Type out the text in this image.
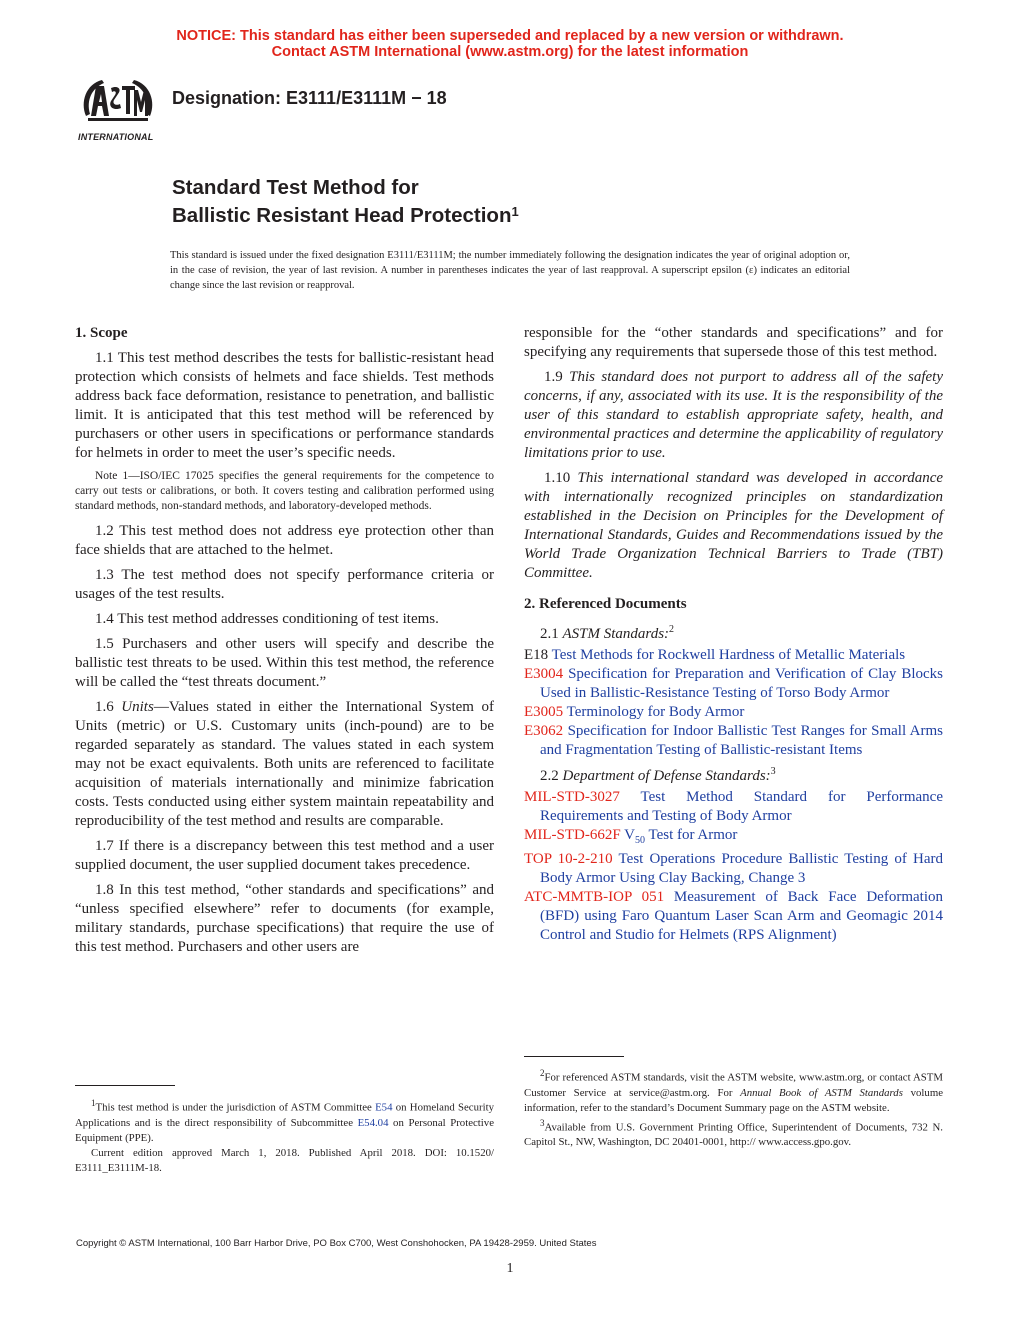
NOTICE: This standard has either been superseded and replaced by a new version or withdrawn.
Contact ASTM International (www.astm.org) for the latest information
INTERNATIONAL
Designation: E3111/E3111M − 18
Standard Test Method for
Ballistic Resistant Head Protection$^1$
This standard is issued under the fixed designation E3111/E3111M; the number immediately following the designation indicates the year of original adoption or, in the case of revision, the year of last revision. A number in parentheses indicates the year of last reapproval. A superscript epsilon (ε) indicates an editorial change since the last revision or reapproval.
1. Scope

1.1 This test method describes the tests for ballistic-resistant head protection which consists of helmets and face shields. Test methods address back face deformation, resistance to penetration, and ballistic limit. It is anticipated that this test method will be referenced by purchasers or other users in specifications or performance standards for helmets in order to meet the user’s specific needs.

Note 1—ISO/IEC 17025 specifies the general requirements for the competence to carry out tests or calibrations, or both. It covers testing and calibration performed using standard methods, non-standard methods, and laboratory-developed methods.

1.2 This test method does not address eye protection other than face shields that are attached to the helmet.

1.3 The test method does not specify performance criteria or usages of the test results.

1.4 This test method addresses conditioning of test items.

1.5 Purchasers and other users will specify and describe the ballistic test threats to be used. Within this test method, the reference will be called the “test threats document.”

1.6 Units—Values stated in either the International System of Units (metric) or U.S. Customary units (inch-pound) are to be regarded separately as standard. The values stated in each system may not be exact equivalents. Both units are referenced to facilitate acquisition of materials internationally and minimize fabrication costs. Tests conducted using either system maintain repeatability and reproducibility of the test method and results are comparable.

1.7 If there is a discrepancy between this test method and a user supplied document, the user supplied document takes precedence.

1.8 In this test method, “other standards and specifications” and “unless specified elsewhere” refer to documents (for example, military standards, purchase specifications) that require the use of this test method. Purchasers and other users are

$^1$This test method is under the jurisdiction of ASTM Committee E54 on Homeland Security Applications and is the direct responsibility of Subcommittee E54.04 on Personal Protective Equipment (PPE).

Current edition approved March 1, 2018. Published April 2018. DOI: 10.1520/ E3111_E3111M-18.

responsible for the “other standards and specifications” and for specifying any requirements that supersede those of this test method.

1.9 This standard does not purport to address all of the safety concerns, if any, associated with its use. It is the responsibility of the user of this standard to establish appropriate safety, health, and environmental practices and determine the applicability of regulatory limitations prior to use.

1.10 This international standard was developed in accordance with internationally recognized principles on standardization established in the Decision on Principles for the Development of International Standards, Guides and Recommendations issued by the World Trade Organization Technical Barriers to Trade (TBT) Committee.

2. Referenced Documents

2.1 ASTM Standards:$^2$

E18 Test Methods for Rockwell Hardness of Metallic Materials
E3004 Specification for Preparation and Verification of Clay Blocks Used in Ballistic-Resistance Testing of Torso Body Armor
E3005 Terminology for Body Armor
E3062 Specification for Indoor Ballistic Test Ranges for Small Arms and Fragmentation Testing of Ballistic-resistant Items

2.2 Department of Defense Standards:$^3$

MIL-STD-3027 Test Method Standard for Performance Requirements and Testing of Body Armor
MIL-STD-662F $V_{50}$ Test for Armor
TOP 10-2-210 Test Operations Procedure Ballistic Testing of Hard Body Armor Using Clay Backing, Change 3
ATC-MMTB-IOP 051 Measurement of Back Face Deformation (BFD) using Faro Quantum Laser Scan Arm and Geomagic 2014 Control and Studio for Helmets (RPS Alignment)

$^2$For referenced ASTM standards, visit the ASTM website, www.astm.org, or contact ASTM Customer Service at service@astm.org. For Annual Book of ASTM Standards volume information, refer to the standard’s Document Summary page on the ASTM website.

$^3$Available from U.S. Government Printing Office, Superintendent of Documents, 732 N. Capitol St., NW, Washington, DC 20401-0001, http:// www.access.gpo.gov.

Copyright © ASTM International, 100 Barr Harbor Drive, PO Box C700, West Conshohocken, PA 19428-2959. United States
1
